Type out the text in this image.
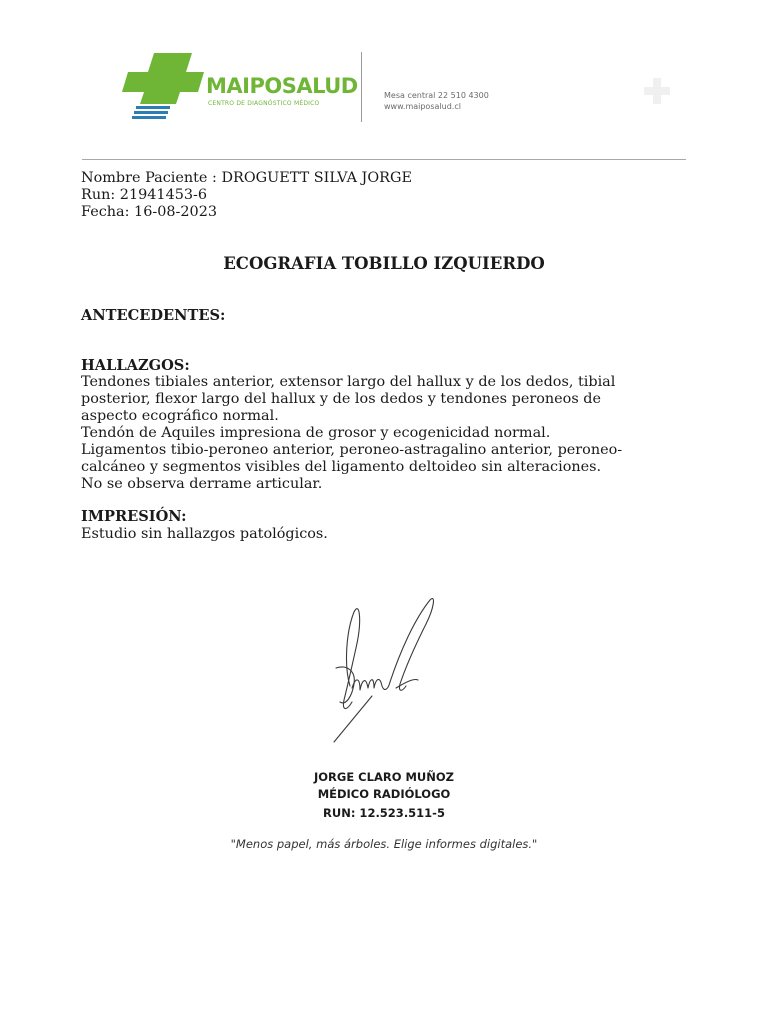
MAIPOSALUD
CENTRO DE DIAGNÓSTICO MÉDICO
Mesa central 22 510 4300
www.maiposalud.cl
Nombre Paciente : DROGUETT SILVA JORGE
Run: 21941453-6
Fecha: 16-08-2023
ECOGRAFIA TOBILLO IZQUIERDO
ANTECEDENTES:
HALLAZGOS:
Tendones tibiales anterior, extensor largo del hallux y de los dedos, tibial
posterior, flexor largo del hallux y de los dedos y tendones peroneos de
aspecto ecográfico normal.
Tendón de Aquiles impresiona de grosor y ecogenicidad normal.
Ligamentos tibio-peroneo anterior, peroneo-astragalino anterior, peroneo-
calcáneo y segmentos visibles del ligamento deltoideo sin alteraciones.
No se observa derrame articular.
IMPRESIÓN:
Estudio sin hallazgos patológicos.
JORGE CLARO MUÑOZ
MÉDICO RADIÓLOGO
RUN: 12.523.511-5
"Menos papel, más árboles. Elige informes digitales."
